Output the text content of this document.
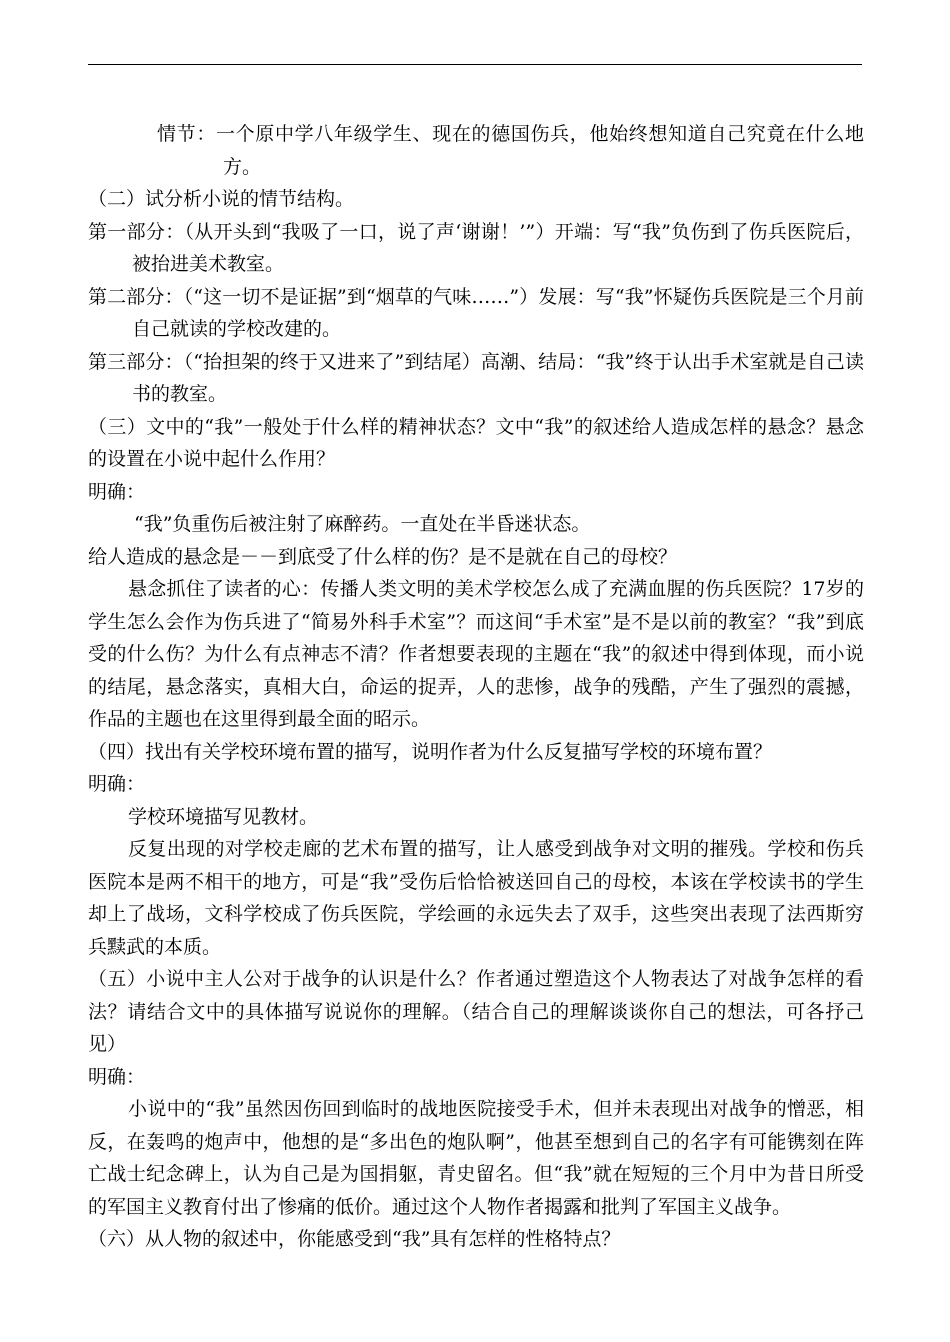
情节：一个原中学八年级学生、现在的德国伤兵，他始终想知道自己究竟在什么地方。

（二）试分析小说的情节结构。

第一部分：（从开头到“我吸了一口，说了声‘谢谢！’”）开端：写“我”负伤到了伤兵医院后，被抬进美术教室。

第二部分：（“这一切不是证据”到“烟草的气味……”）发展：写“我”怀疑伤兵医院是三个月前自己就读的学校改建的。

第三部分：（“抬担架的终于又进来了”到结尾）高潮、结局：“我”终于认出手术室就是自己读书的教室。

（三）文中的“我”一般处于什么样的精神状态？文中“我”的叙述给人造成怎样的悬念？悬念的设置在小说中起什么作用？

明确：

“我”负重伤后被注射了麻醉药。一直处在半昏迷状态。

给人造成的悬念是－－到底受了什么样的伤？是不是就在自己的母校？

悬念抓住了读者的心：传播人类文明的美术学校怎么成了充满血腥的伤兵医院？17岁的学生怎么会作为伤兵进了“简易外科手术室”？而这间“手术室”是不是以前的教室？“我”到底受的什么伤？为什么有点神志不清？作者想要表现的主题在“我”的叙述中得到体现，而小说的结尾，悬念落实，真相大白，命运的捉弄，人的悲惨，战争的残酷，产生了强烈的震撼，作品的主题也在这里得到最全面的昭示。

（四）找出有关学校环境布置的描写，说明作者为什么反复描写学校的环境布置？

明确：

学校环境描写见教材。

反复出现的对学校走廊的艺术布置的描写，让人感受到战争对文明的摧残。学校和伤兵医院本是两不相干的地方，可是“我”受伤后恰恰被送回自己的母校，本该在学校读书的学生却上了战场，文科学校成了伤兵医院，学绘画的永远失去了双手，这些突出表现了法西斯穷兵黩武的本质。

（五）小说中主人公对于战争的认识是什么？作者通过塑造这个人物表达了对战争怎样的看法？请结合文中的具体描写说说你的理解。（结合自己的理解谈谈你自己的想法，可各抒己见）

明确：

小说中的“我”虽然因伤回到临时的战地医院接受手术，但并未表现出对战争的憎恶，相反，在轰鸣的炮声中，他想的是“多出色的炮队啊”，他甚至想到自己的名字有可能镌刻在阵亡战士纪念碑上，认为自己是为国捐躯，青史留名。但“我”就在短短的三个月中为昔日所受的军国主义教育付出了惨痛的低价。通过这个人物作者揭露和批判了军国主义战争。

（六）从人物的叙述中，你能感受到“我”具有怎样的性格特点？
